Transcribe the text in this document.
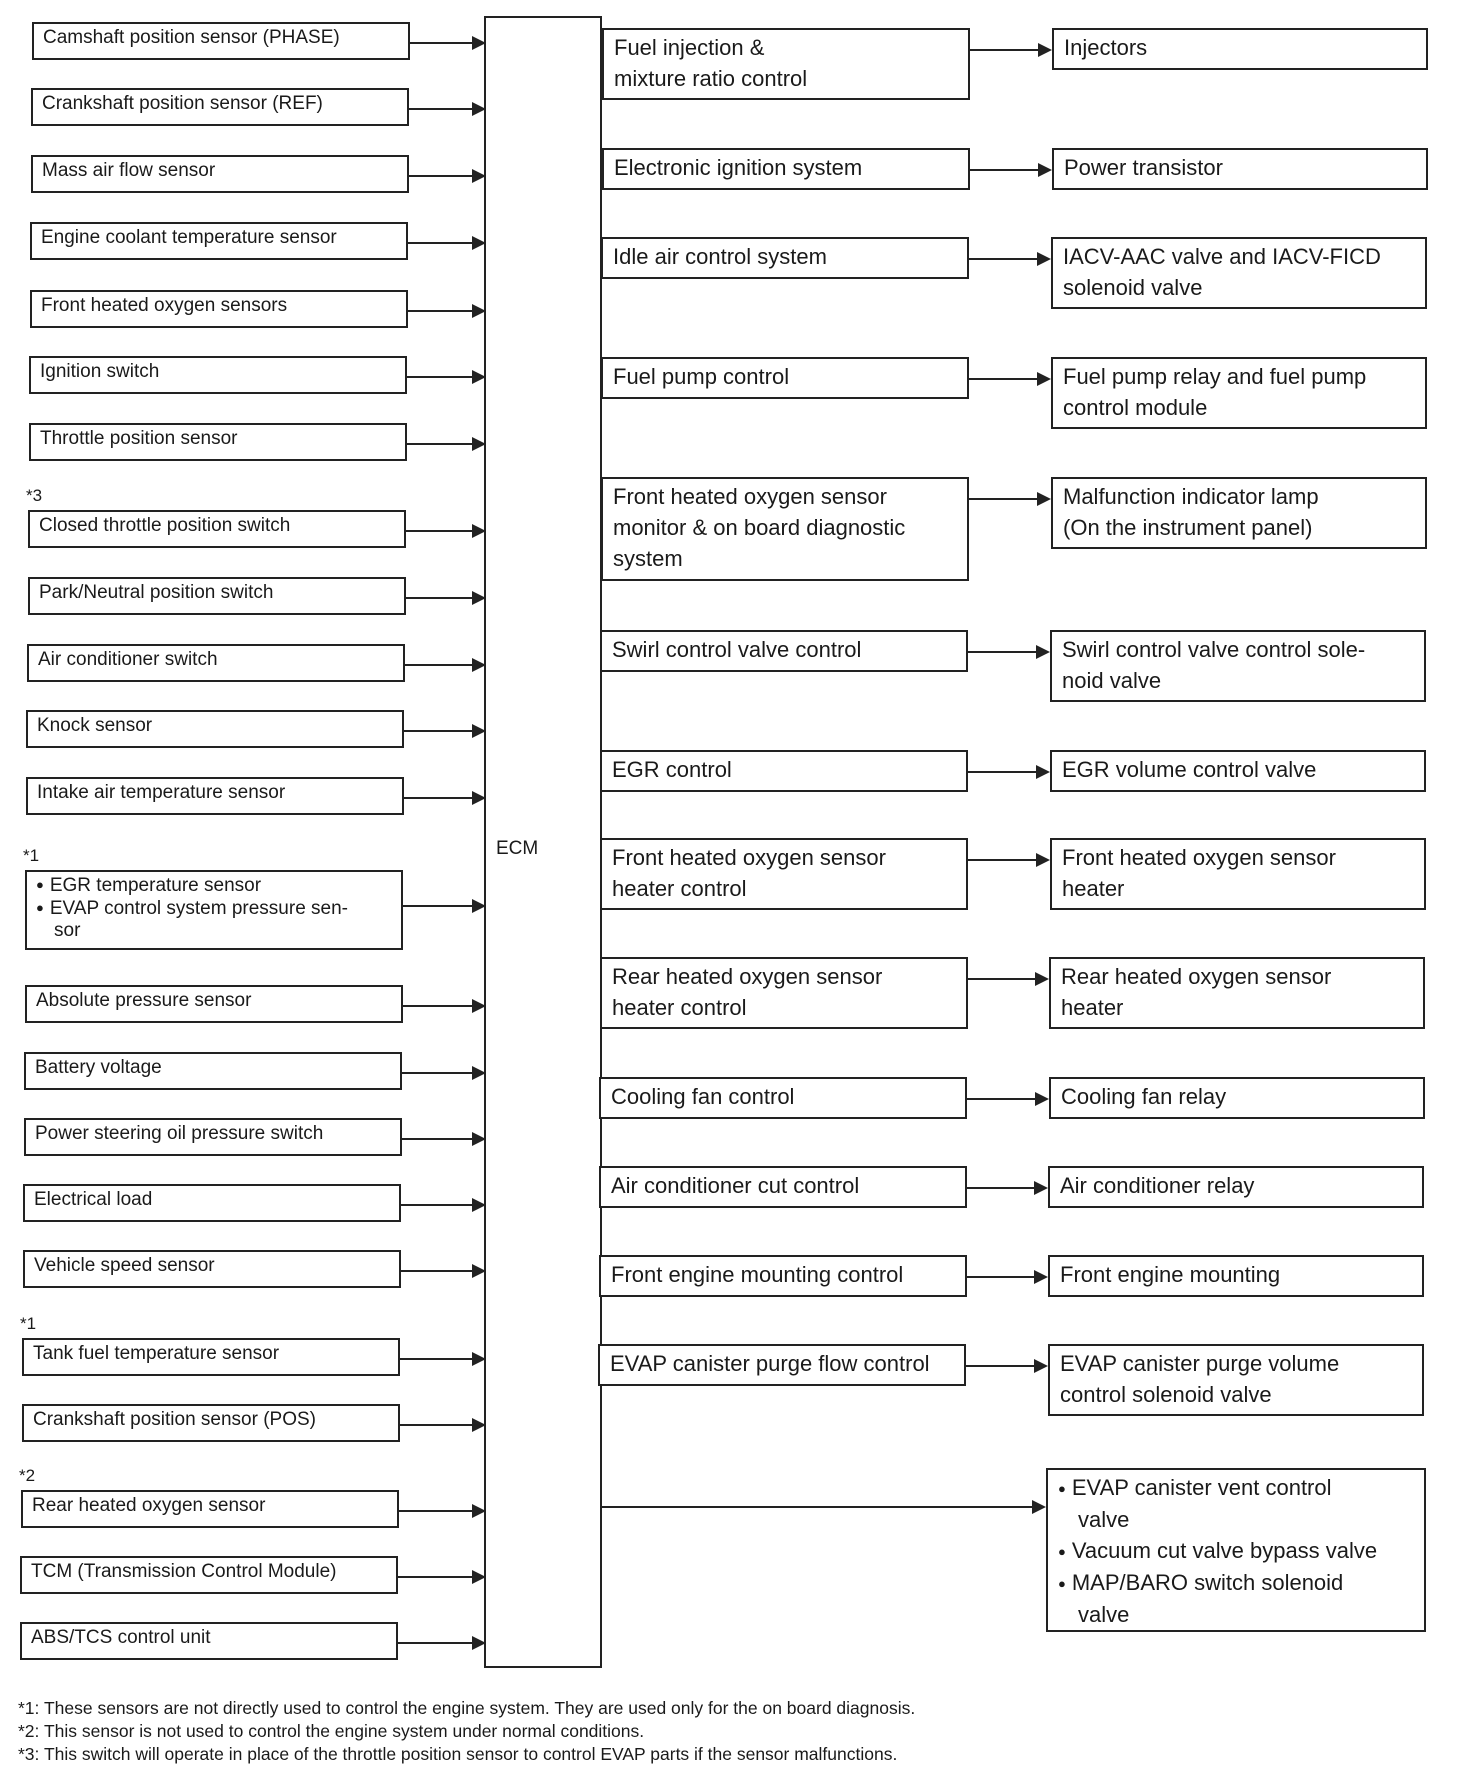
ECM
Camshaft position sensor (PHASE)
Crankshaft position sensor (REF)
Mass air flow sensor
Engine coolant temperature sensor
Front heated oxygen sensors
Ignition switch
Throttle position sensor
*3
Closed throttle position switch
Park/Neutral position switch
Air conditioner switch
Knock sensor
Intake air temperature sensor
*1
● EGR temperature sensor
● EVAP control system pressure sen-
sor
Absolute pressure sensor
Battery voltage
Power steering oil pressure switch
Electrical load
Vehicle speed sensor
*1
Tank fuel temperature sensor
Crankshaft position sensor (POS)
*2
Rear heated oxygen sensor
TCM (Transmission Control Module)
ABS/TCS control unit
Fuel injection &
mixture ratio control
Injectors
Electronic ignition system	Power transistor
Idle air control system	IACV-AAC valve and IACV-FICD
solenoid valve
Fuel pump control	Fuel pump relay and fuel pump
control module
Front heated oxygen sensor
monitor & on board diagnostic
system
Malfunction indicator lamp
(On the instrument panel)
Swirl control valve control	Swirl control valve control sole-
noid valve
EGR control	EGR volume control valve
Front heated oxygen sensor
heater control
Front heated oxygen sensor
heater
Rear heated oxygen sensor
heater control
Rear heated oxygen sensor
heater
Cooling fan control	Cooling fan relay
Air conditioner cut control	Air conditioner relay
Front engine mounting control	Front engine mounting
EVAP canister purge flow control	EVAP canister purge volume
control solenoid valve
● EVAP canister vent control
valve
● Vacuum cut valve bypass valve
● MAP/BARO switch solenoid
valve
*1: These sensors are not directly used to control the engine system. They are used only for the on board diagnosis.
*2: This sensor is not used to control the engine system under normal conditions.
*3: This switch will operate in place of the throttle position sensor to control EVAP parts if the sensor malfunctions.
